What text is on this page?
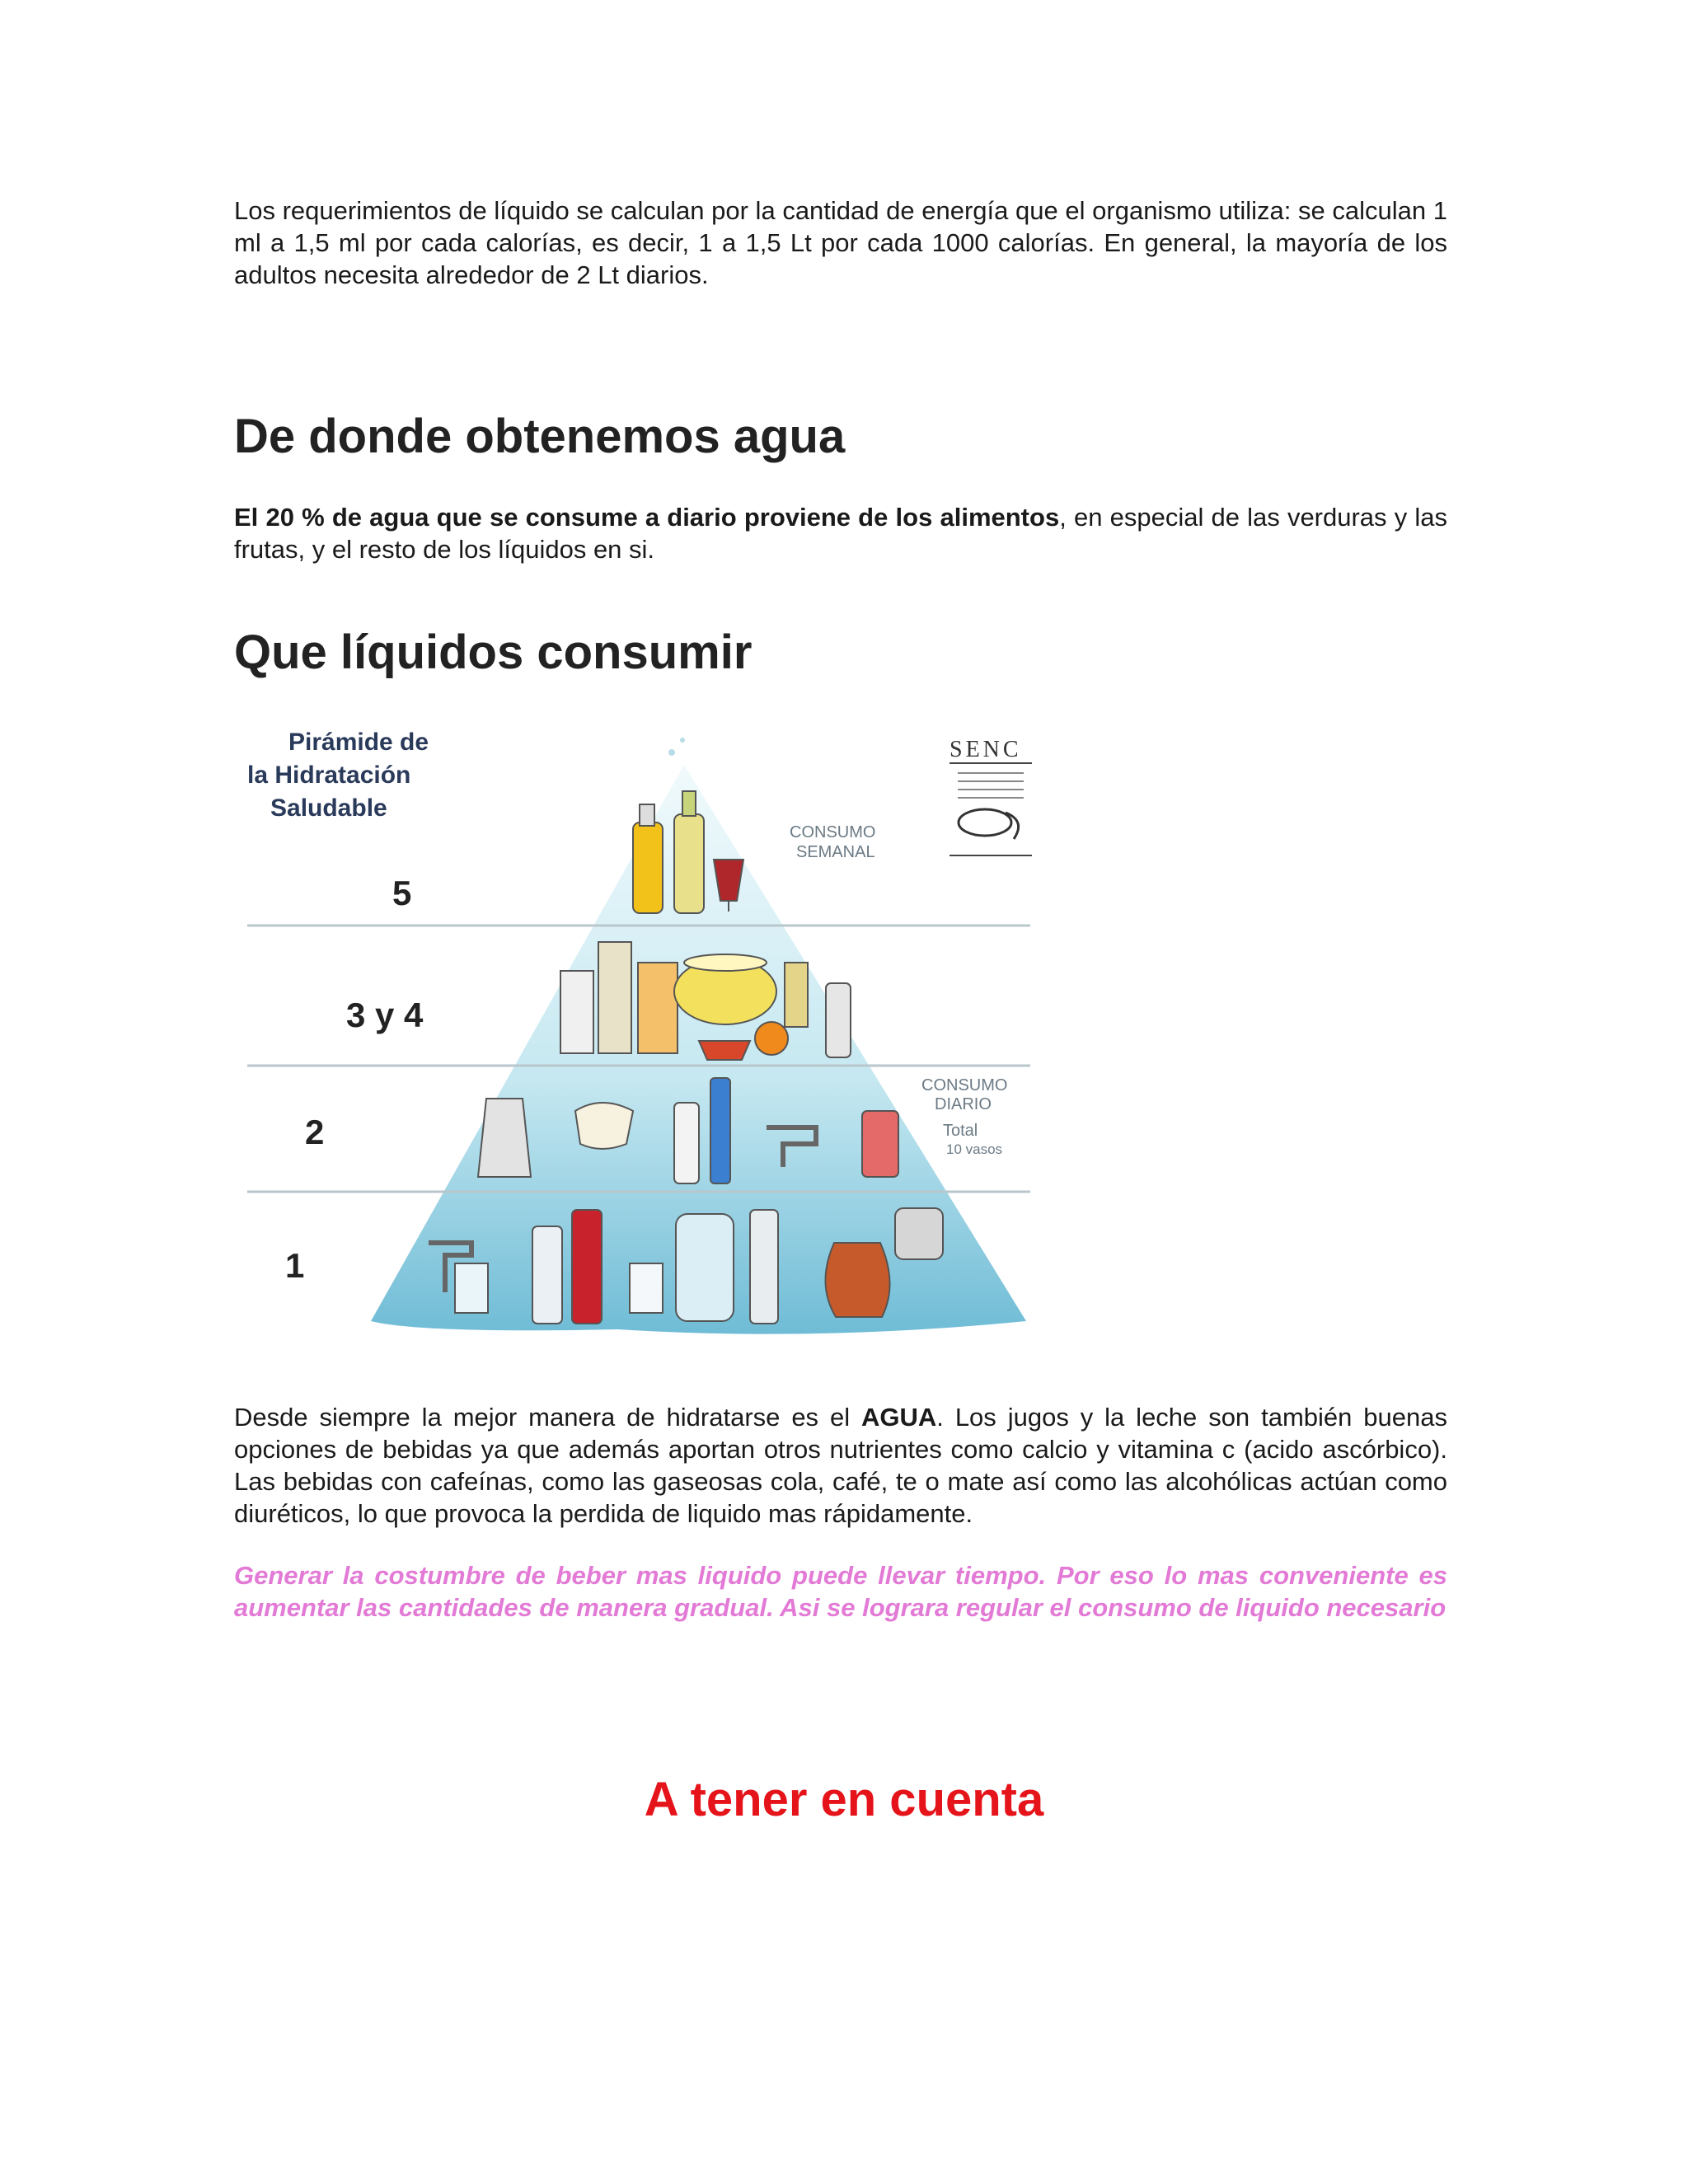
Los requerimientos de líquido se calculan por la cantidad de energía que el organismo utiliza: se calculan 1 ml a 1,5 ml por cada calorías, es decir, 1 a 1,5 Lt por cada 1000 calorías. En general, la mayoría de los adultos necesita alrededor de 2 Lt diarios.

De donde obtenemos agua

El 20 % de agua que se consume a diario proviene de los alimentos, en especial de las verduras y las frutas, y el resto de los líquidos en si.

Que líquidos consumir
Pirámide de
la Hidratación
Saludable
SENC
CONSUMO
SEMANAL
CONSUMO
DIARIO
Total
10 vasos
5
3 y 4
2
1

Desde siempre la mejor manera de hidratarse es el AGUA. Los jugos y la leche son también buenas opciones de bebidas ya que además aportan otros nutrientes como calcio y vitamina c (acido ascórbico). Las bebidas con cafeínas, como las gaseosas cola, café, te o mate así como las alcohólicas actúan como diuréticos, lo que provoca la perdida de liquido mas rápidamente.

Generar la costumbre de beber mas liquido puede llevar tiempo. Por eso lo mas conveniente es aumentar las cantidades de manera gradual. Asi se lograra regular el consumo de liquido necesario

A tener en cuenta
